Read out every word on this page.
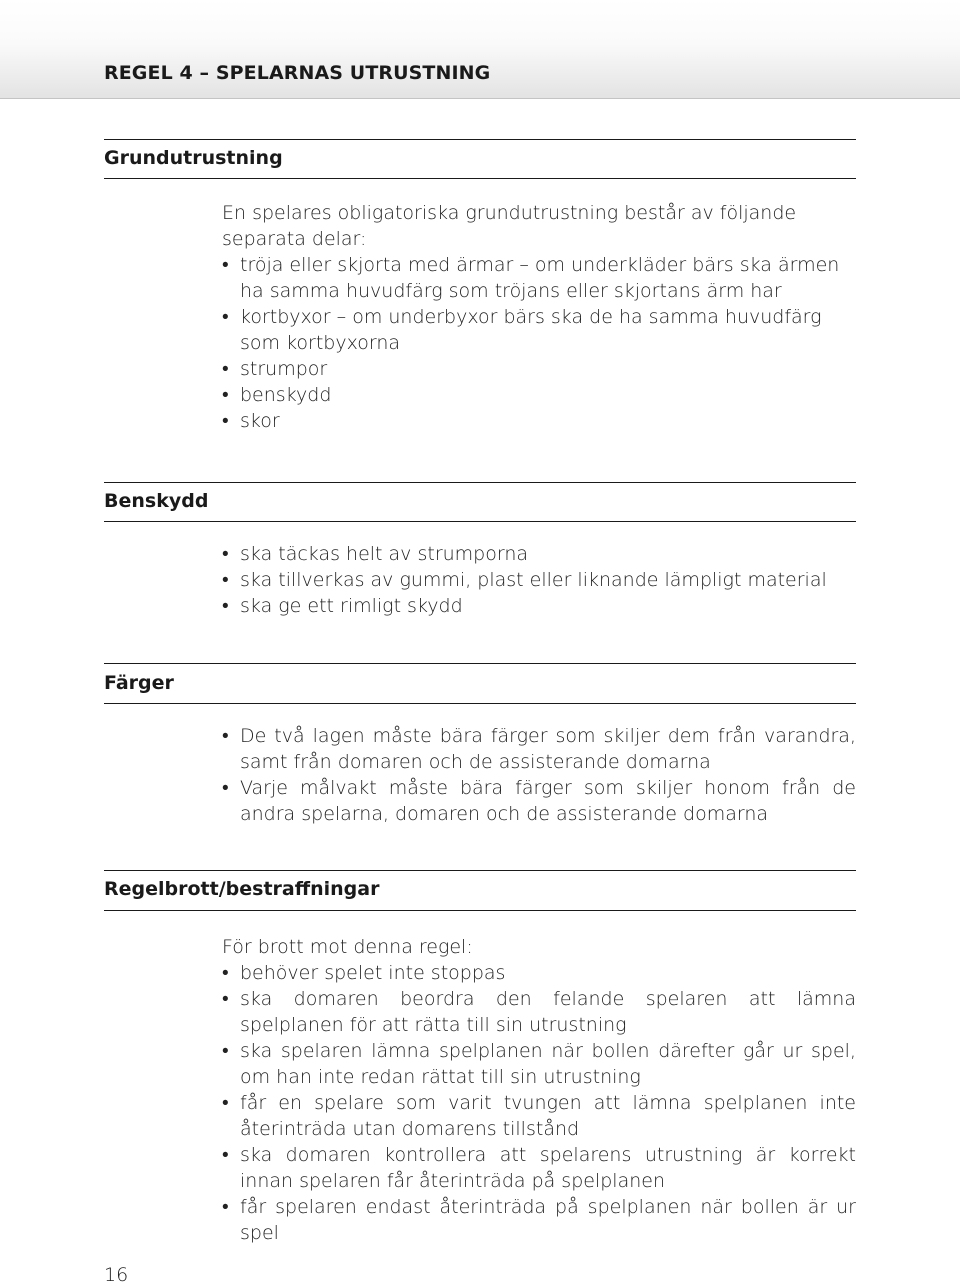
REGEL 4 – SPELARNAS UTRUSTNING
Grundutrustning
En spelares obligatoriska grundutrustning består av följande separata delar:
• tröja eller skjorta med ärmar – om underkläder bärs ska ärmen ha samma huvudfärg som tröjans eller skjortans ärm har
• kortbyxor – om underbyxor bärs ska de ha samma huvudfärg som kortbyxorna
• strumpor
• benskydd
• skor
Benskydd
• ska täckas helt av strumporna
• ska tillverkas av gummi, plast eller liknande lämpligt material
• ska ge ett rimligt skydd
Färger
• De två lagen måste bära färger som skiljer dem från varandra, samt från domaren och de assisterande domarna
• Varje målvakt måste bära färger som skiljer honom från de andra spelarna, domaren och de assisterande domarna
Regelbrott/bestraffningar
För brott mot denna regel:
• behöver spelet inte stoppas
• ska domaren beordra den felande spelaren att lämna spelplanen för att rätta till sin utrustning
• ska spelaren lämna spelplanen när bollen därefter går ur spel, om han inte redan rättat till sin utrustning
• får en spelare som varit tvungen att lämna spelplanen inte återinträda utan domarens tillstånd
• ska domaren kontrollera att spelarens utrustning är korrekt innan spelaren får återinträda på spelplanen
• får spelaren endast återinträda på spelplanen när bollen är ur spel

16
